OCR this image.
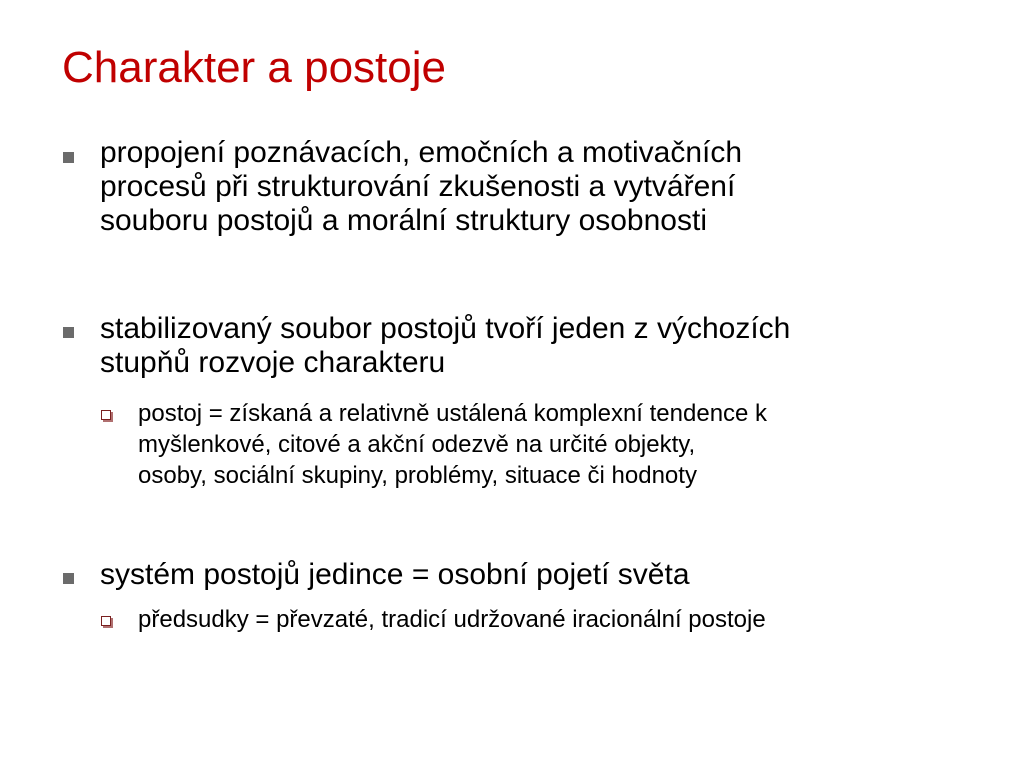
Charakter a postoje
propojení poznávacích, emočních a motivačních
procesů při strukturování zkušenosti a vytváření
souboru postojů a morální struktury osobnosti
stabilizovaný soubor postojů tvoří jeden z výchozích
stupňů rozvoje charakteru
postoj = získaná a relativně ustálená komplexní tendence k
myšlenkové, citové a akční odezvě na určité objekty,
osoby, sociální skupiny, problémy, situace či hodnoty
systém postojů jedince = osobní pojetí světa
předsudky = převzaté, tradicí udržované iracionální postoje
